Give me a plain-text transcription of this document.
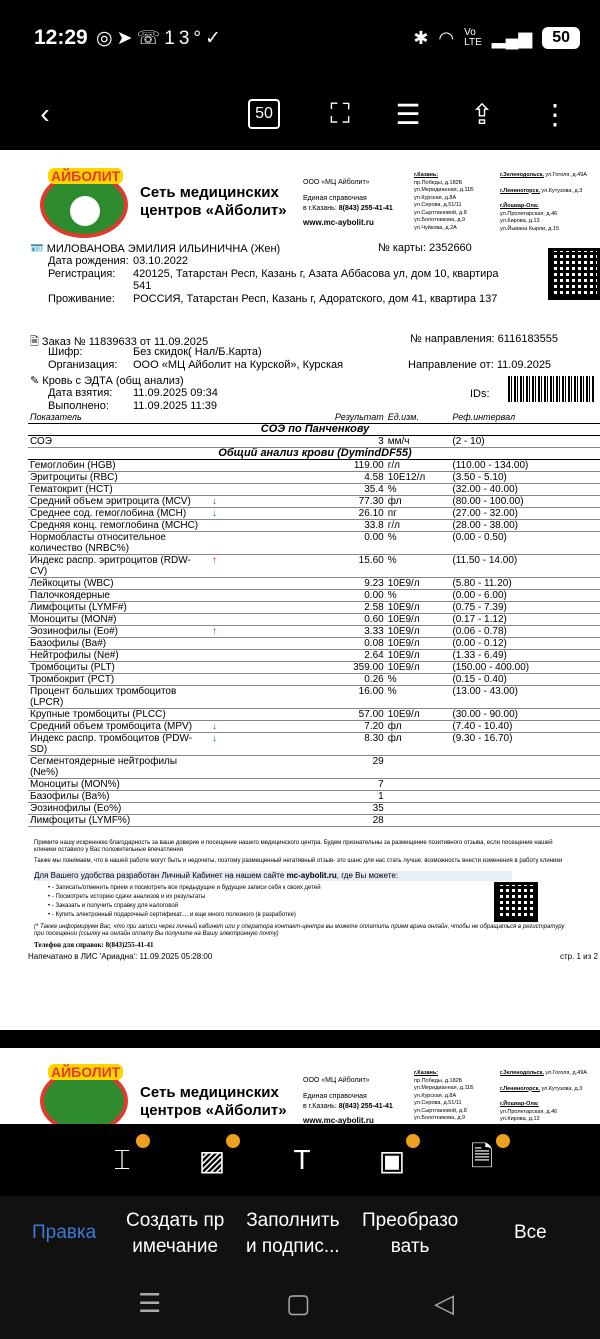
12:29 ◎➤☏13°✓	✱ ◠ Vo
LTE ▂▄▆	50
‹	50 ⛶ ☰ ⇪ ⋮
АЙБОЛИТ
Сеть медицинских
центров «Айболит»
ООО «МЦ Айболит»
Единая справочная
в г.Казань: 8(843) 255-41-41
www.mc-aybolit.ru
г.Казань:
пр.Победы, д.182Б
ул.Меридианная, д.11Б
ул.Курская, д.8А
ул.Серова, д.51/11
ул.Сыртлановой, д.8
ул.Болотникова, д.9
ул.Чуйкова, д.2А
г.Зеленодольск, ул.Гоголя, д.49А
г.Лениногорск, ул.Кутузова, д.3
г.Йошкар-Ола:
ул.Пролетарская, д.46
ул.Кирова, д.13
ул.Йывана Кырли, д.15
🪪 МИЛОВАНОВА ЭМИЛИЯ ИЛЬИНИЧНА (Жен)	№ карты: 2352660
Дата рождения: 03.10.2022
Регистрация: 420125, Татарстан Респ, Казань г, Азата Аббасова ул, дом 10, квартира
541
Проживание: РОССИЯ, Татарстан Респ, Казань г, Адоратского, дом 41, квартира 137
🗎 Заказ № 11839633 от 11.09.2025	№ направления: 6116183555
Шифр:	Без скидок( Нал/Б.Карта)
Организация: ООО «МЦ Айболит на Курской», Курская	Направление от: 11.09.2025
✎ Кровь с ЭДТА (общ анализ)
Дата взятия: 11.09.2025 09:34	IDs:
Выполнено: 11.09.2025 11:39
Показатель		Результат	Ед.изм.	Реф.интервал
СОЭ по Панченкову				
СОЭ		3	мм/ч	(2 - 10)
Общий анализ крови (DymindDF55)				
Гемоглобин (HGB)		119.00	г/л	(110.00 - 134.00)
Эритроциты (RBC)		4.58	10E12/л	(3.50 - 5.10)
Гематокрит (HCT)		35.4	%	(32.00 - 40.00)
Средний объем эритроцита (MCV)	↓	77.30	фл	(80.00 - 100.00)
Среднее сод. гемоглобина (MCH)	↓	26.10	пг	(27.00 - 32.00)
Средняя конц. гемоглобина (MCHC)		33.8	г/л	(28.00 - 38.00)
Нормобласты относительное количество (NRBC%)		0.00	%	(0.00 - 0.50)
Индекс распр. эритроцитов (RDW-CV)	↑	15.60	%	(11.50 - 14.00)
Лейкоциты (WBC)		9.23	10E9/л	(5.80 - 11.20)
Палочкоядерные		0.00	%	(0.00 - 6.00)
Лимфоциты (LYMF#)		2.58	10E9/л	(0.75 - 7.39)
Моноциты (MON#)		0.60	10E9/л	(0.17 - 1.12)
Эозинофилы (Eo#)	↑	3.33	10E9/л	(0.06 - 0.78)
Базофилы (Ba#)		0.08	10E9/л	(0.00 - 0.12)
Нейтрофилы (Ne#)		2.64	10E9/л	(1.33 - 6.49)
Тромбоциты (PLT)		359.00	10E9/л	(150.00 - 400.00)
Тромбокрит (PCT)		0.26	%	(0.15 - 0.40)
Процент больших тромбоцитов (LPCR)		16.00	%	(13.00 - 43.00)
Крупные тромбоциты (PLCC)		57.00	10E9/л	(30.00 - 90.00)
Средний объем тромбоцита (MPV)	↓	7.20	фл	(7.40 - 10.40)
Индекс распр. тромбоцитов (PDW-SD)	↓	8.30	фл	(9.30 - 16.70)
Сегментоядерные нейтрофилы (Ne%)		29		
Моноциты (MON%)		7		
Базофилы (Ba%)		1		
Эозинофилы (Eo%)		35		
Лимфоциты (LYMF%)		28		
Примите нашу искреннюю благодарность за ваше доверие и посещение нашего медицинского центра. Будем признательны за размещение позитивного отзыва, если посещение нашей клиники оставило у Вас положительные впечатления
Также мы понимаем, что в нашей работе могут быть и недочеты, поэтому размещенный негативный отзыв- это шанс для нас стать лучше, возможность внести изменения в работу клиники
Для Вашего удобства разработан Личный Кабинет на нашем сайте mc-aybolit.ru, где Вы можете:
• - Записать/отменить прием и посмотреть все предыдущие и будущие записи себя к своих детей
• - Посмотреть историю сдачи анализов и их результаты
• - Заказать и получить справку для налоговой
• - Купить электронный подарочный сертификат.... и еще много полезного (в разработке)
(* Также информируем Вас, что при записи через личный кабинет или у оператора контакт-центра вы можете оплатить прием врача онлайн, чтобы не обращаться в регистратуру при посещении (ссылку на онлайн оплату Вы получите на Вашу электронную почту)
Телефон для справок: 8(843)255-41-41
Напечатано в ЛИС 'Ариадна': 11.09.2025 05:28:00	стр. 1 из 2
АЙБОЛИТ
Сеть медицинских
центров «Айболит»
ООО «МЦ Айболит»
Единая справочная
в г.Казань: 8(843) 255-41-41
www.mc-aybolit.ru
г.Казань:
пр.Победы, д.182Б
ул.Меридианная, д.11Б
ул.Курская, д.8А
ул.Серова, д.51/11
ул.Сыртлановой, д.8
ул.Болотникова, д.9
г.Зеленодольск, ул.Гоголя, д.49А
г.Лениногорск, ул.Кутузова, д.3
г.Йошкар-Ола:
ул.Пролетарская, д.46
ул.Кирова, д.13
⌶	▨	T	▣ 🗎
Правка
Создать пр
имечание
Заполнить
и подпис...
Преобразо
вать
Все
☰	▢	◁
